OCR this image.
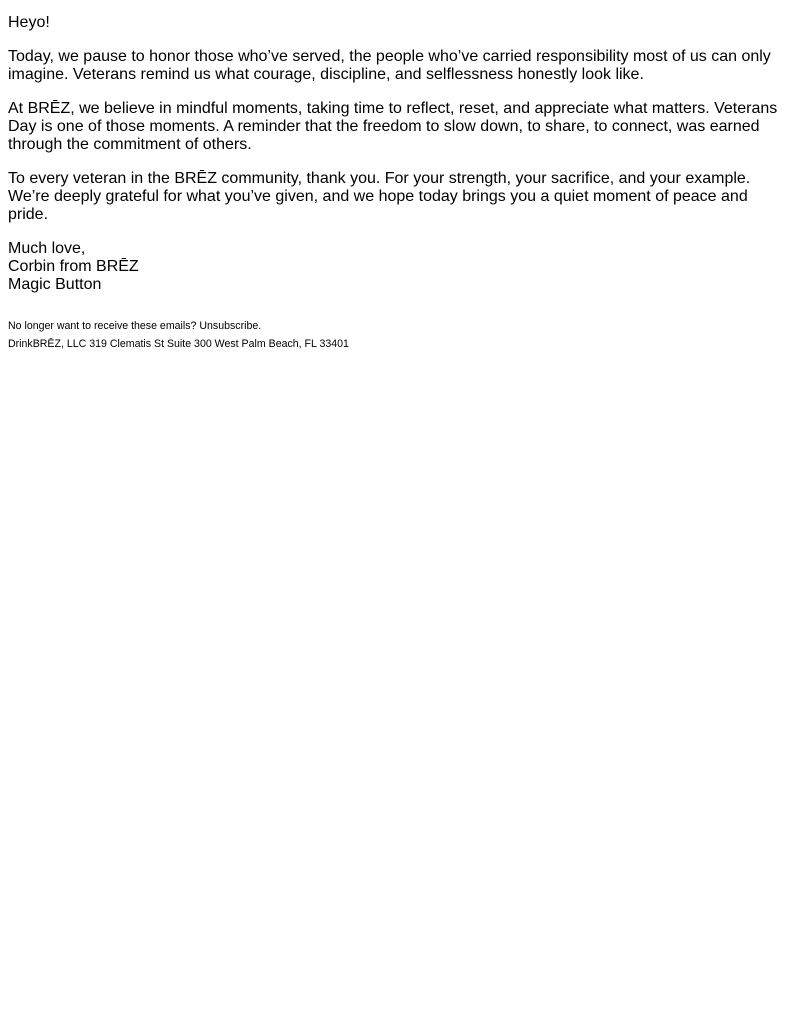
Heyo!

Today, we pause to honor those who’ve served, the people who’ve carried responsibility most of us can only imagine. Veterans remind us what courage, discipline, and selflessness honestly look like.

At BRĒZ, we believe in mindful moments, taking time to reflect, reset, and appreciate what matters. Veterans Day is one of those moments. A reminder that the freedom to slow down, to share, to connect, was earned through the commitment of others.

To every veteran in the BRĒZ community, thank you. For your strength, your sacrifice, and your example. We’re deeply grateful for what you’ve given, and we hope today brings you a quiet moment of peace and pride.

Much love,
Corbin from BRĒZ
Magic Button

No longer want to receive these emails? Unsubscribe.

DrinkBRĒZ, LLC 319 Clematis St Suite 300 West Palm Beach, FL 33401
